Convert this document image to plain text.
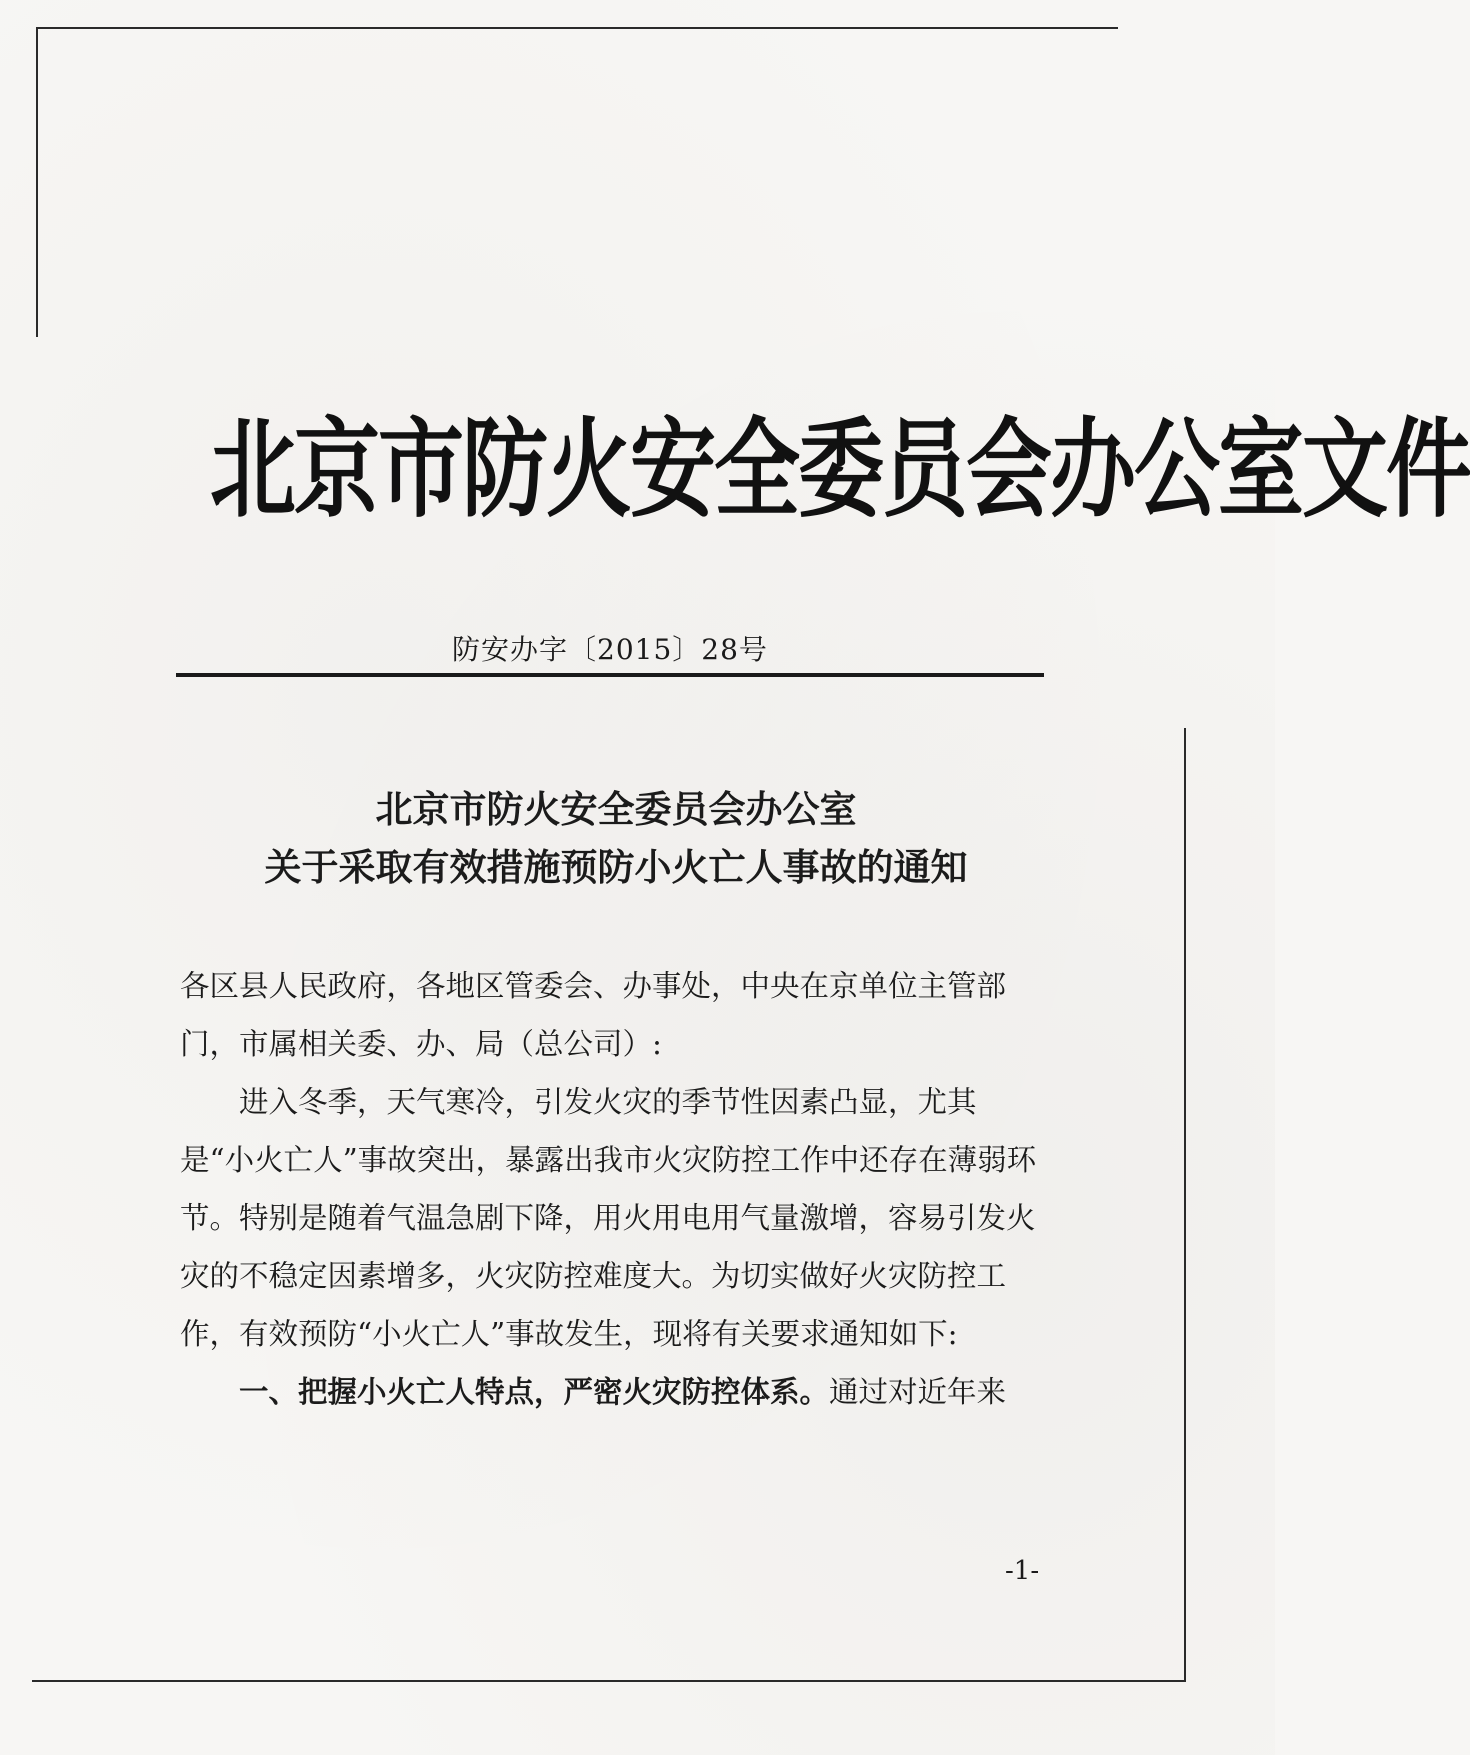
北京市防火安全委员会办公室文件
防安办字〔2015〕28号
北京市防火安全委员会办公室
关于采取有效措施预防小火亡人事故的通知

各区县人民政府，各地区管委会、办事处，中央在京单位主管部门，市属相关委、办、局（总公司）:

进入冬季，天气寒冷，引发火灾的季节性因素凸显，尤其是“小火亡人”事故突出，暴露出我市火灾防控工作中还存在薄弱环节。特别是随着气温急剧下降，用火用电用气量激增，容易引发火灾的不稳定因素增多，火灾防控难度大。为切实做好火灾防控工作，有效预防“小火亡人”事故发生，现将有关要求通知如下:

一、把握小火亡人特点，严密火灾防控体系。通过对近年来

-1-
